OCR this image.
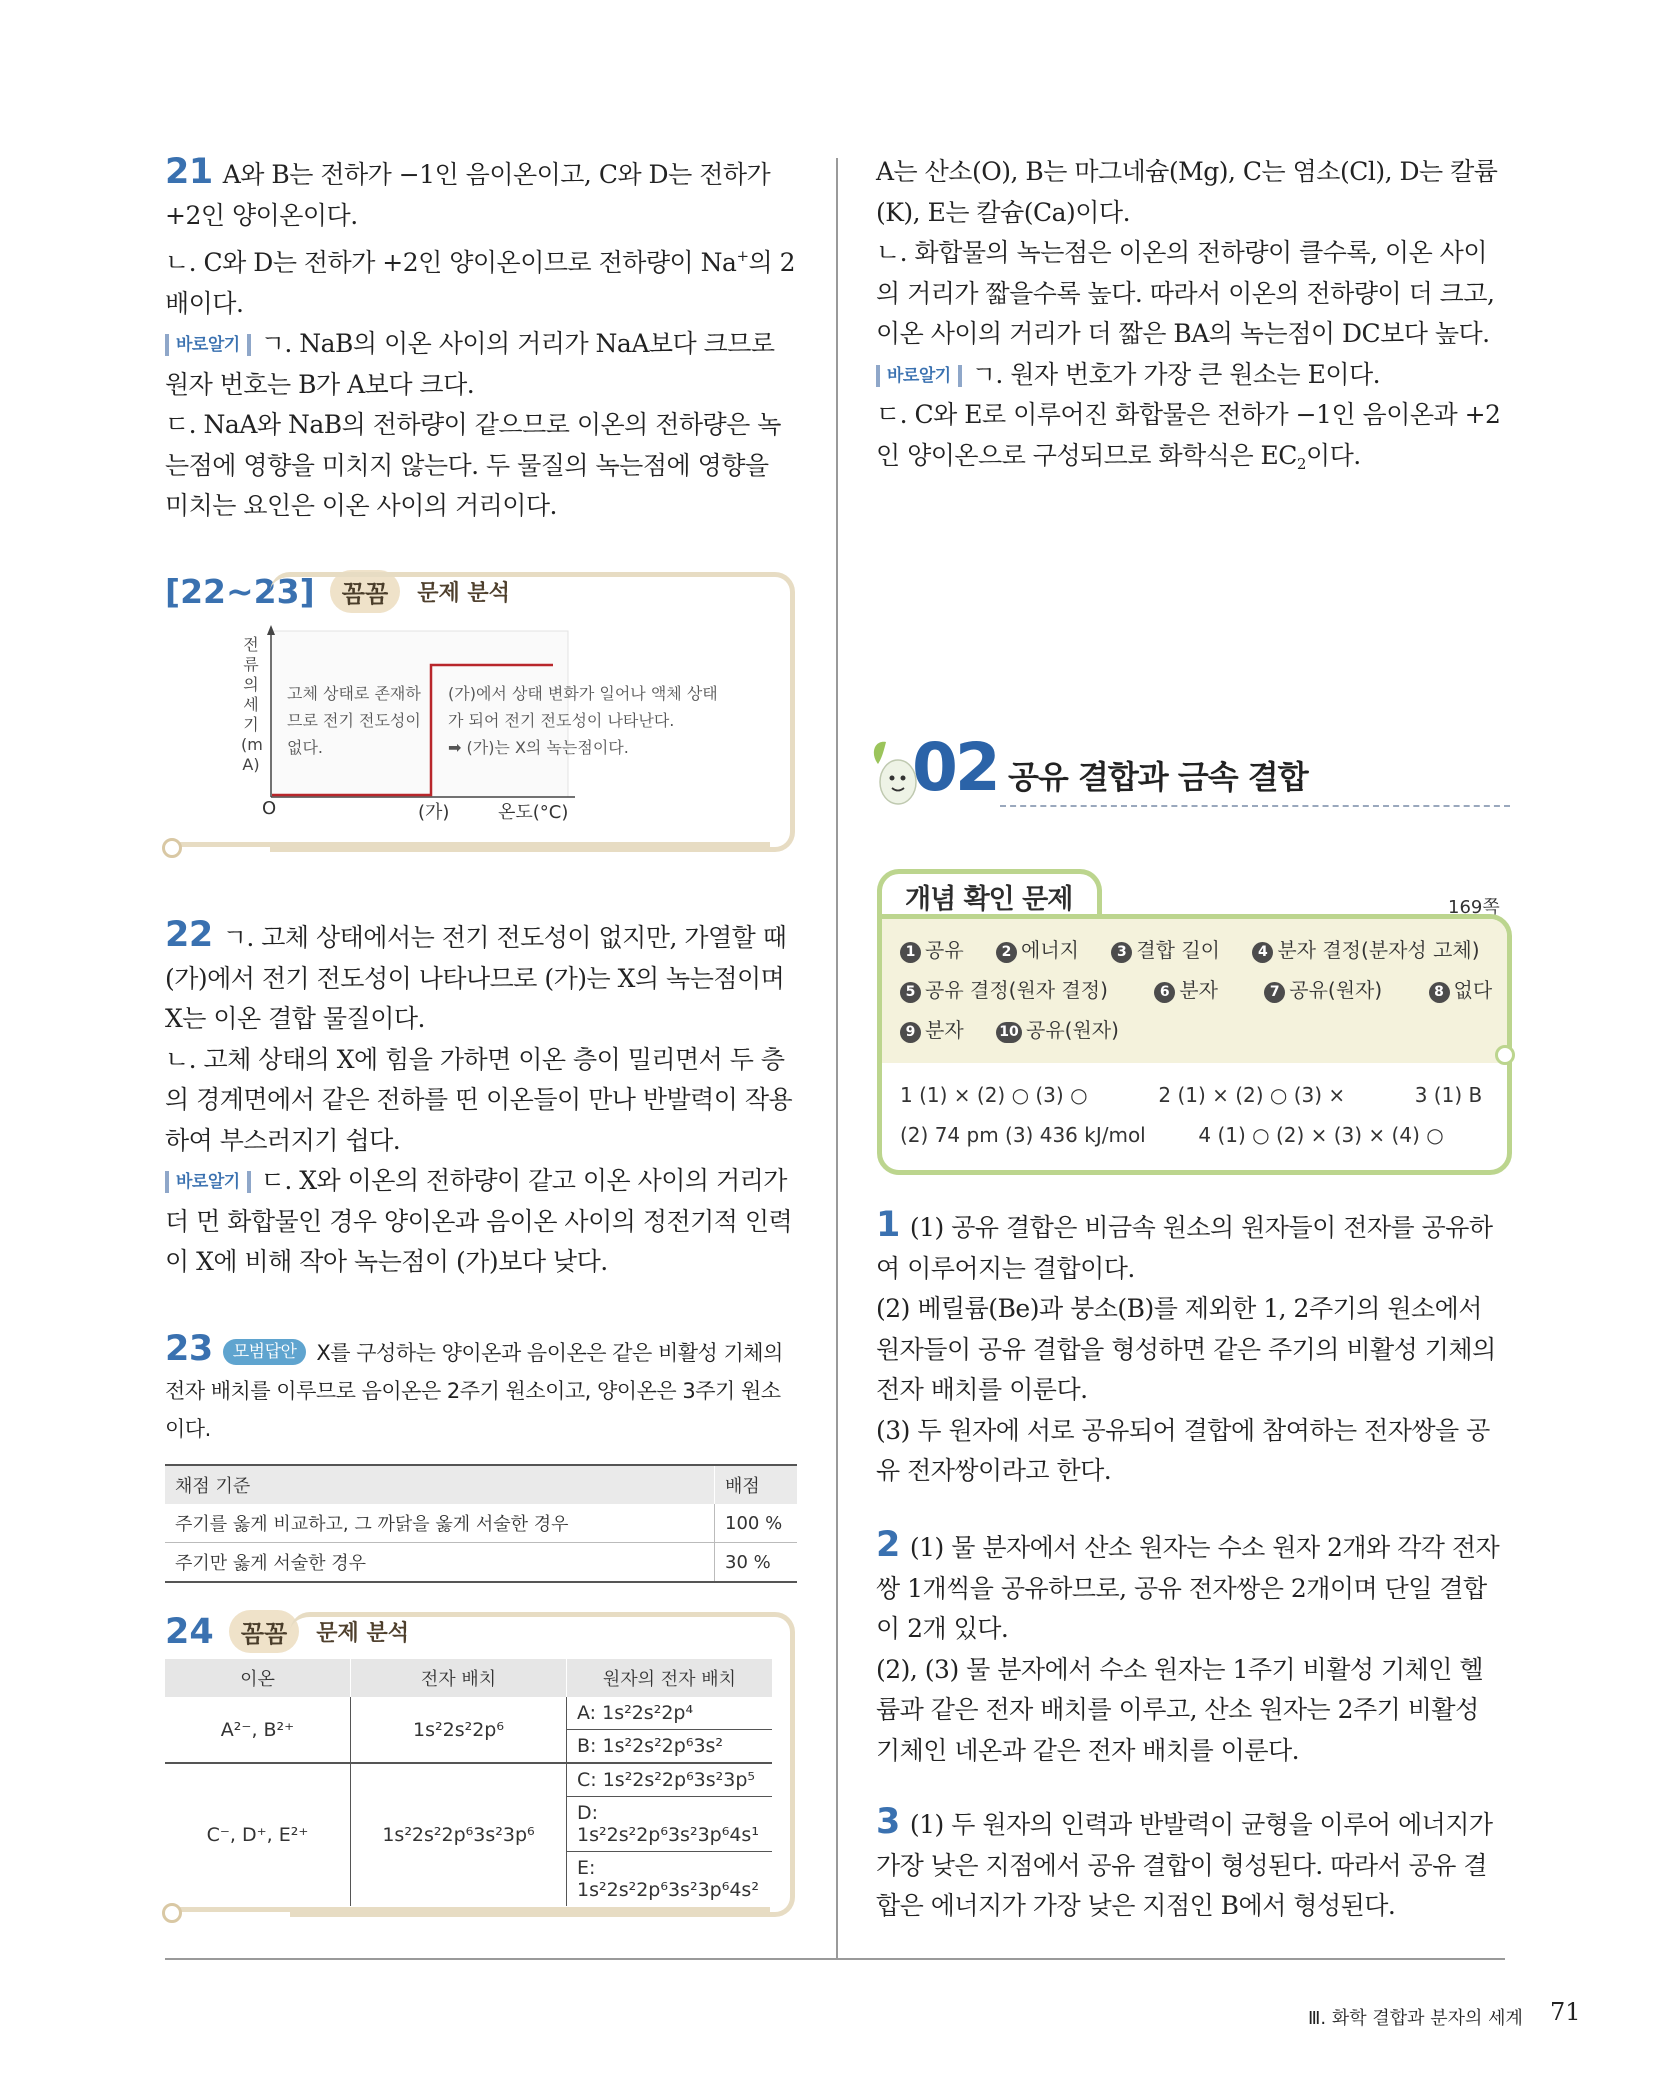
21 A와 B는 전하가 −1인 음이온이고, C와 D는 전하가 +2인 양이온이다.
ㄴ. C와 D는 전하가 +2인 양이온이므로 전하량이 Na+의 2배이다.
바로알기 ㄱ. NaB의 이온 사이의 거리가 NaA보다 크므로 원자 번호는 B가 A보다 크다.
ㄷ. NaA와 NaB의 전하량이 같으므로 이온의 전하량은 녹는점에 영향을 미치지 않는다. 두 물질의 녹는점에 영향을 미치는 요인은 이온 사이의 거리이다.
[22~23] 꼼꼼 문제 분석
전류의 세기(mA)
O	(가)	온도(°C)
고체 상태로 존재하므로 전기 전도성이 없다.
(가)에서 상태 변화가 일어나 액체 상태가 되어 전기 전도성이 나타난다.
➡ (가)는 X의 녹는점이다.
22 ㄱ. 고체 상태에서는 전기 전도성이 없지만, 가열할 때 (가)에서 전기 전도성이 나타나므로 (가)는 X의 녹는점이며 X는 이온 결합 물질이다.
ㄴ. 고체 상태의 X에 힘을 가하면 이온 층이 밀리면서 두 층의 경계면에서 같은 전하를 띤 이온들이 만나 반발력이 작용하여 부스러지기 쉽다.
바로알기 ㄷ. X와 이온의 전하량이 같고 이온 사이의 거리가 더 먼 화합물인 경우 양이온과 음이온 사이의 정전기적 인력이 X에 비해 작아 녹는점이 (가)보다 낮다.
23 모범답안 X를 구성하는 양이온과 음이온은 같은 비활성 기체의 전자 배치를 이루므로 음이온은 2주기 원소이고, 양이온은 3주기 원소이다.
채점 기준	배점
주기를 옳게 비교하고, 그 까닭을 옳게 서술한 경우	100 %
주기만 옳게 서술한 경우	30 %
24 꼼꼼 문제 분석
이온	전자 배치	원자의 전자 배치
A²⁻, B²⁺	1s²2s²2p⁶	A: 1s²2s²2p⁴
		B: 1s²2s²2p⁶3s²
C⁻, D⁺, E²⁺	1s²2s²2p⁶3s²3p⁶	C: 1s²2s²2p⁶3s²3p⁵
		D: 1s²2s²2p⁶3s²3p⁶4s¹
		E: 1s²2s²2p⁶3s²3p⁶4s²
A는 산소(O), B는 마그네슘(Mg), C는 염소(Cl), D는 칼륨(K), E는 칼슘(Ca)이다.
ㄴ. 화합물의 녹는점은 이온의 전하량이 클수록, 이온 사이의 거리가 짧을수록 높다. 따라서 이온의 전하량이 더 크고, 이온 사이의 거리가 더 짧은 BA의 녹는점이 DC보다 높다.
바로알기 ㄱ. 원자 번호가 가장 큰 원소는 E이다.
ㄷ. C와 E로 이루어진 화합물은 전하가 −1인 음이온과 +2인 양이온으로 구성되므로 화학식은 $EC_2$이다.
02 공유 결합과 금속 결합
개념 확인 문제	169쪽
1 공유	2 에너지	3 결합 길이	4 분자 결정(분자성 고체)
5 공유 결정(원자 결정)	6 분자	7 공유(원자)	8 없다
9 분자	10 공유(원자)
1 (1) × (2) ○ (3) ○	2 (1) × (2) ○ (3) ×	3 (1) B
(2) 74 pm (3) 436 kJ/mol	4 (1) ○ (2) × (3) × (4) ○
1 (1) 공유 결합은 비금속 원소의 원자들이 전자를 공유하여 이루어지는 결합이다.
(2) 베릴륨(Be)과 붕소(B)를 제외한 1, 2주기의 원소에서 원자들이 공유 결합을 형성하면 같은 주기의 비활성 기체의 전자 배치를 이룬다.
(3) 두 원자에 서로 공유되어 결합에 참여하는 전자쌍을 공유 전자쌍이라고 한다.
2 (1) 물 분자에서 산소 원자는 수소 원자 2개와 각각 전자쌍 1개씩을 공유하므로, 공유 전자쌍은 2개이며 단일 결합이 2개 있다.
(2), (3) 물 분자에서 수소 원자는 1주기 비활성 기체인 헬륨과 같은 전자 배치를 이루고, 산소 원자는 2주기 비활성 기체인 네온과 같은 전자 배치를 이룬다.
3 (1) 두 원자의 인력과 반발력이 균형을 이루어 에너지가 가장 낮은 지점에서 공유 결합이 형성된다. 따라서 공유 결합은 에너지가 가장 낮은 지점인 B에서 형성된다.
Ⅲ. 화학 결합과 분자의 세계 71
